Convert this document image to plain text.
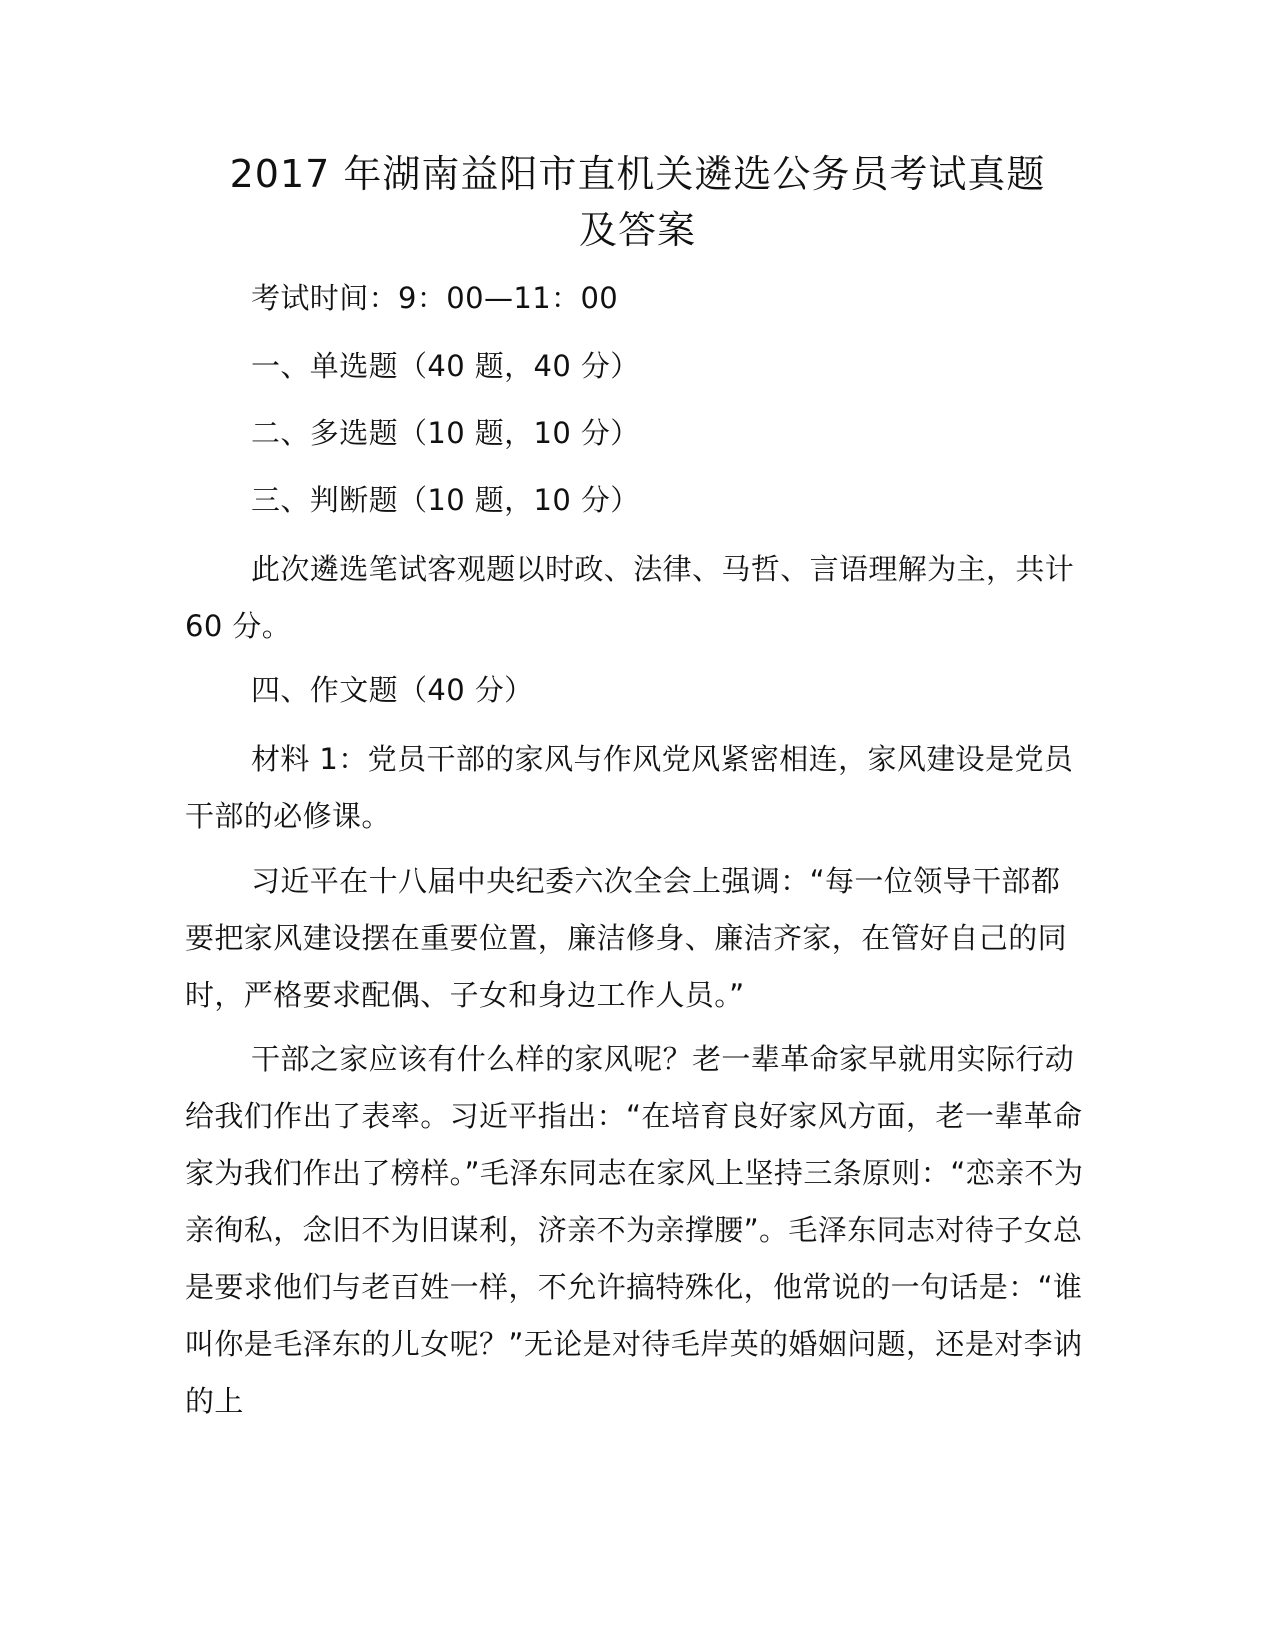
2017 年湖南益阳市直机关遴选公务员考试真题
及答案
考试时间：9：00—11：00
一、单选题（40 题，40 分）
二、多选题（10 题，10 分）
三、判断题（10 题，10 分）
此次遴选笔试客观题以时政、法律、马哲、言语理解为主，共计 60 分。
四、作文题（40 分）
材料 1：党员干部的家风与作风党风紧密相连，家风建设是党员干部的必修课。
习近平在十八届中央纪委六次全会上强调：“每一位领导干部都要把家风建设摆在重要位置，廉洁修身、廉洁齐家，在管好自己的同时，严格要求配偶、子女和身边工作人员。”
干部之家应该有什么样的家风呢？老一辈革命家早就用实际行动给我们作出了表率。习近平指出：“在培育良好家风方面，老一辈革命家为我们作出了榜样。”毛泽东同志在家风上坚持三条原则：“恋亲不为亲徇私，念旧不为旧谋利，济亲不为亲撑腰”。毛泽东同志对待子女总是要求他们与老百姓一样，不允许搞特殊化，他常说的一句话是：“谁叫你是毛泽东的儿女呢？”无论是对待毛岸英的婚姻问题，还是对李讷的上
